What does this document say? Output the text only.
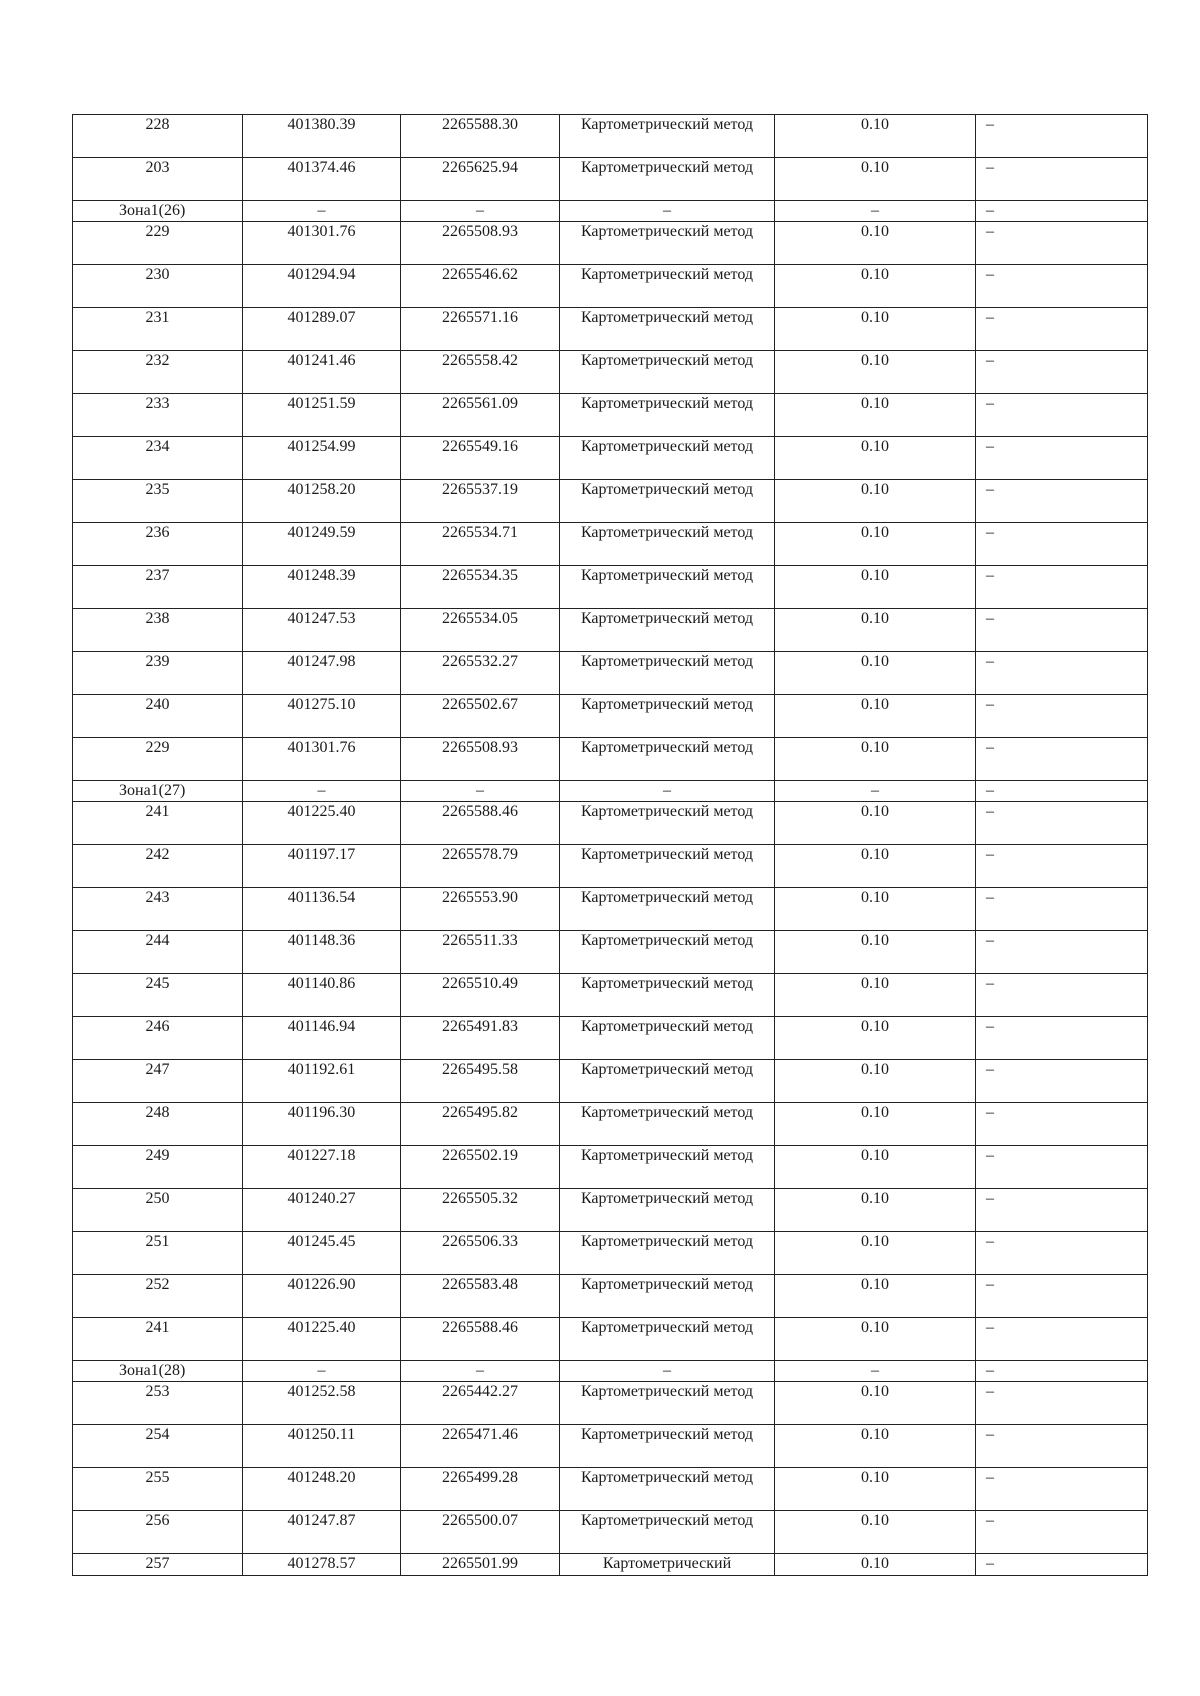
228	401380.39	2265588.30	Картометрический метод	0.10	–
203	401374.46	2265625.94	Картометрический метод	0.10	–
Зона1(26)	–	–	–	–	–
229	401301.76	2265508.93	Картометрический метод	0.10	–
230	401294.94	2265546.62	Картометрический метод	0.10	–
231	401289.07	2265571.16	Картометрический метод	0.10	–
232	401241.46	2265558.42	Картометрический метод	0.10	–
233	401251.59	2265561.09	Картометрический метод	0.10	–
234	401254.99	2265549.16	Картометрический метод	0.10	–
235	401258.20	2265537.19	Картометрический метод	0.10	–
236	401249.59	2265534.71	Картометрический метод	0.10	–
237	401248.39	2265534.35	Картометрический метод	0.10	–
238	401247.53	2265534.05	Картометрический метод	0.10	–
239	401247.98	2265532.27	Картометрический метод	0.10	–
240	401275.10	2265502.67	Картометрический метод	0.10	–
229	401301.76	2265508.93	Картометрический метод	0.10	–
Зона1(27)	–	–	–	–	–
241	401225.40	2265588.46	Картометрический метод	0.10	–
242	401197.17	2265578.79	Картометрический метод	0.10	–
243	401136.54	2265553.90	Картометрический метод	0.10	–
244	401148.36	2265511.33	Картометрический метод	0.10	–
245	401140.86	2265510.49	Картометрический метод	0.10	–
246	401146.94	2265491.83	Картометрический метод	0.10	–
247	401192.61	2265495.58	Картометрический метод	0.10	–
248	401196.30	2265495.82	Картометрический метод	0.10	–
249	401227.18	2265502.19	Картометрический метод	0.10	–
250	401240.27	2265505.32	Картометрический метод	0.10	–
251	401245.45	2265506.33	Картометрический метод	0.10	–
252	401226.90	2265583.48	Картометрический метод	0.10	–
241	401225.40	2265588.46	Картометрический метод	0.10	–
Зона1(28)	–	–	–	–	–
253	401252.58	2265442.27	Картометрический метод	0.10	–
254	401250.11	2265471.46	Картометрический метод	0.10	–
255	401248.20	2265499.28	Картометрический метод	0.10	–
256	401247.87	2265500.07	Картометрический метод	0.10	–
257	401278.57	2265501.99	Картометрический	0.10	–
